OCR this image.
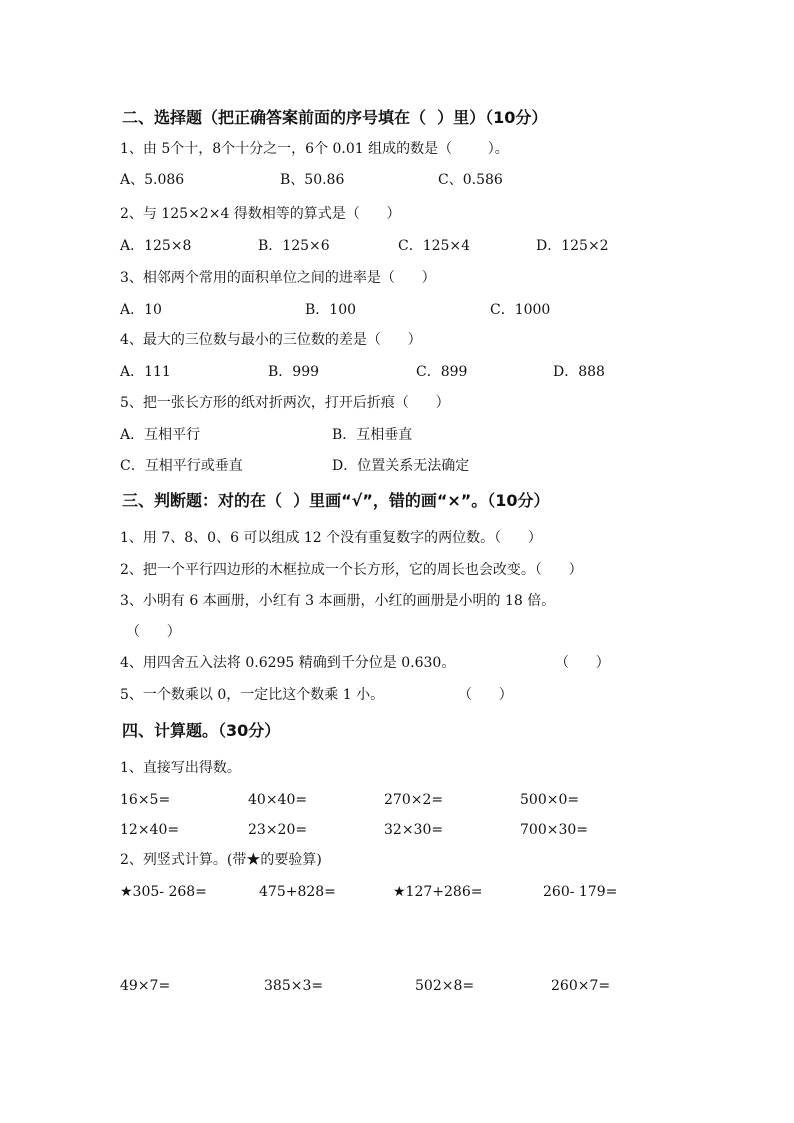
二、选择题（把正确答案前面的序号填在（  ）里）（10分）
1、由 5个十，8个十分之一，6个 0.01 组成的数是（        ）。
A、5.086	B、50.86	C、0.586
2、与 125×2×4 得数相等的算式是（      ）
A．125×8	B．125×6	C．125×4	D．125×2
3、相邻两个常用的面积单位之间的进率是（      ）
A．10	B．100	C．1000
4、最大的三位数与最小的三位数的差是（      ）
A．111	B．999	C．899	D．888
5、把一张长方形的纸对折两次，打开后折痕（      ）
A．互相平行	B．互相垂直
C．互相平行或垂直	D．位置关系无法确定
三、判断题：对的在（  ）里画“√”，错的画“×”。（10分）
1、用 7、8、0、6 可以组成 12 个没有重复数字的两位数。（      ）
2、把一个平行四边形的木框拉成一个长方形，它的周长也会改变。（      ）
3、小明有 6 本画册，小红有 3 本画册，小红的画册是小明的 18 倍。
（      ）
4、用四舍五入法将 0.6295 精确到千分位是 0.630。	（      ）
5、一个数乘以 0，一定比这个数乘 1 小。	（      ）
四、计算题。（30分）
1、直接写出得数。
16×5=	40×40=	270×2=	500×0=
12×40=	23×20=	32×30=	700×30=
2、列竖式计算。(带★的要验算)
★305- 268=	475+828=	★127+286=	260- 179=
49×7=	385×3=	502×8=	260×7=
